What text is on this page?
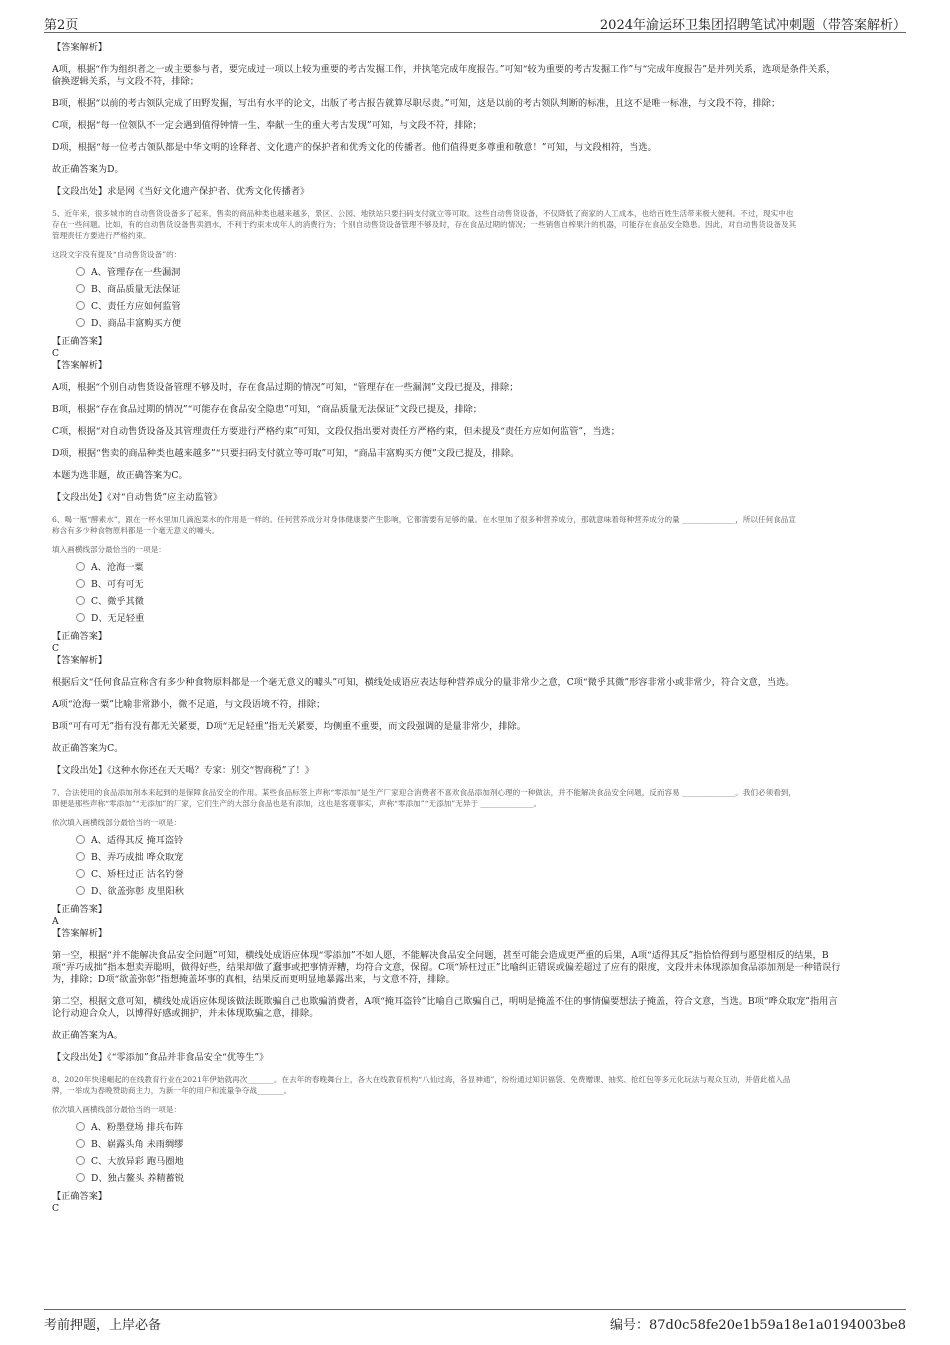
第2页	2024年渝运环卫集团招聘笔试冲刺题（带答案解析）

【答案解析】

A项，根据“作为组织者之一或主要参与者，要完成过一项以上较为重要的考古发掘工作，并执笔完成年度报告。”可知“较为重要的考古发掘工作”与“完成年度报告”是并列关系，选项是条件关系，

偷换逻辑关系，与文段不符，排除；

B项，根据“以前的考古领队完成了田野发掘，写出有水平的论文，出版了考古报告就算尽职尽责。”可知，这是以前的考古领队判断的标准，且这不是唯一标准，与文段不符，排除；

C项，根据“每一位领队不一定会遇到值得钟情一生、奉献一生的重大考古发现”可知，与文段不符，排除；

D项，根据“每一位考古领队都是中华文明的诠释者、文化遗产的保护者和优秀文化的传播者。他们值得更多尊重和敬意！”可知，与文段相符，当选。

故正确答案为D。

【文段出处】求是网《当好文化遗产保护者、优秀文化传播者》

5、近年来，很多城市的自动售货设备多了起来，售卖的商品种类也越来越多，景区、公园、地铁站只要扫码支付就立等可取。这些自动售货设备，不仅降低了商家的人工成本，也给百姓生活带来极大便利。不过，现实中也

存在一些问题。比如，有的自动售货设备售卖酒水，不利于约束未成年人的消费行为；个别自动售货设备管理不够及时，存在食品过期的情况；一些销售自榨果汁的机器，可能存在食品安全隐患。因此，对自动售货设备及其

管理责任方要进行严格约束。

这段文字没有提及“自动售货设备”的：

A、管理存在一些漏洞
B、商品质量无法保证
C、责任方应如何监管
D、商品丰富购买方便

【正确答案】

C

【答案解析】

A项，根据“个别自动售货设备管理不够及时，存在食品过期的情况”可知，“管理存在一些漏洞”文段已提及，排除；

B项，根据“存在食品过期的情况”“可能存在食品安全隐患”可知，“商品质量无法保证”文段已提及，排除；

C项，根据“对自动售货设备及其管理责任方要进行严格约束”可知，文段仅指出要对责任方严格约束，但未提及“责任方应如何监管”，当选；

D项，根据“售卖的商品种类也越来越多”“只要扫码支付就立等可取”可知，“商品丰富购买方便”文段已提及，排除。

本题为选非题，故正确答案为C。

【文段出处】《对“自动售货”应主动监管》

6、喝一瓶“酵素水”，跟在一杯水里加几滴泡菜水的作用是一样的。任何营养成分对身体健康要产生影响，它都需要有足够的量。在水里加了很多种营养成分，那就意味着每种营养成分的量 ______________，所以任何食品宣

称含有多少种食物原料都是一个毫无意义的噱头。

填入画横线部分最恰当的一项是：

A、沧海一粟
B、可有可无
C、微乎其微
D、无足轻重

【正确答案】

C

【答案解析】

根据后文“任何食品宣称含有多少种食物原料都是一个毫无意义的噱头”可知，横线处成语应表达每种营养成分的量非常少之意，C项“微乎其微”形容非常小或非常少，符合文意，当选。

A项“沧海一粟”比喻非常渺小，微不足道，与文段语境不符，排除；

B项“可有可无”指有没有都无关紧要，D项“无足轻重”指无关紧要，均侧重不重要，而文段强调的是量非常少，排除。

故正确答案为C。

【文段出处】《这种水你还在天天喝？专家：别交“智商税”了！》

7、合法使用的食品添加剂本来起到的是保障食品安全的作用。某些食品标签上声称“零添加”是生产厂家迎合消费者不喜欢食品添加剂心理的一种做法，并不能解决食品安全问题，反而容易 ______________。我们必须看到，

即便是那些声称“零添加”“无添加”的厂家，它们生产的大部分食品也是有添加，这也是客观事实，声称“零添加”“无添加”无异于 ______________。

依次填入画横线部分最恰当的一项是：

A、适得其反 掩耳盗铃
B、弄巧成拙 哗众取宠
C、矫枉过正 沽名钓誉
D、欲盖弥彰 皮里阳秋

【正确答案】

A

【答案解析】

第一空，根据“并不能解决食品安全问题”可知，横线处成语应体现“零添加”不如人愿，不能解决食品安全问题，甚至可能会造成更严重的后果，A项“适得其反”指恰恰得到与愿望相反的结果，B

项“弄巧成拙”指本想卖弄聪明，做得好些，结果却做了蠢事或把事情弄糟，均符合文意，保留。C项“矫枉过正”比喻纠正错误或偏差超过了应有的限度，文段并未体现添加食品添加剂是一种错误行

为，排除；D项“欲盖弥彰”指想掩盖坏事的真相，结果反而更明显地暴露出来，与文意不符，排除。

第二空，根据文意可知，横线处成语应体现该做法既欺骗自己也欺骗消费者，A项“掩耳盗铃”比喻自己欺骗自己，明明是掩盖不住的事情偏要想法子掩盖，符合文意，当选。B项“哗众取宠”指用言

论行动迎合众人，以博得好感或拥护，并未体现欺骗之意，排除。

故正确答案为A。

【文段出处】《“零添加”食品并非食品安全“优等生”》

8、2020年快速崛起的在线教育行业在2021年伊始就再次_______。在去年的春晚舞台上，各大在线教育机构“八仙过海，各显神通”，纷纷通过知识福袋、免费赠课、抽奖、抢红包等多元化玩法与观众互动，并借此植入品

牌，一举成为春晚赞助商主力，为新一年的用户和流量争夺战_______。

依次填入画横线部分最恰当的一项是：

A、粉墨登场 排兵布阵
B、崭露头角 未雨绸缪
C、大放异彩 跑马圈地
D、独占鳌头 养精蓄锐

【正确答案】

C

考前押题，上岸必备	编号：87d0c58fe20e1b59a18e1a0194003be8
